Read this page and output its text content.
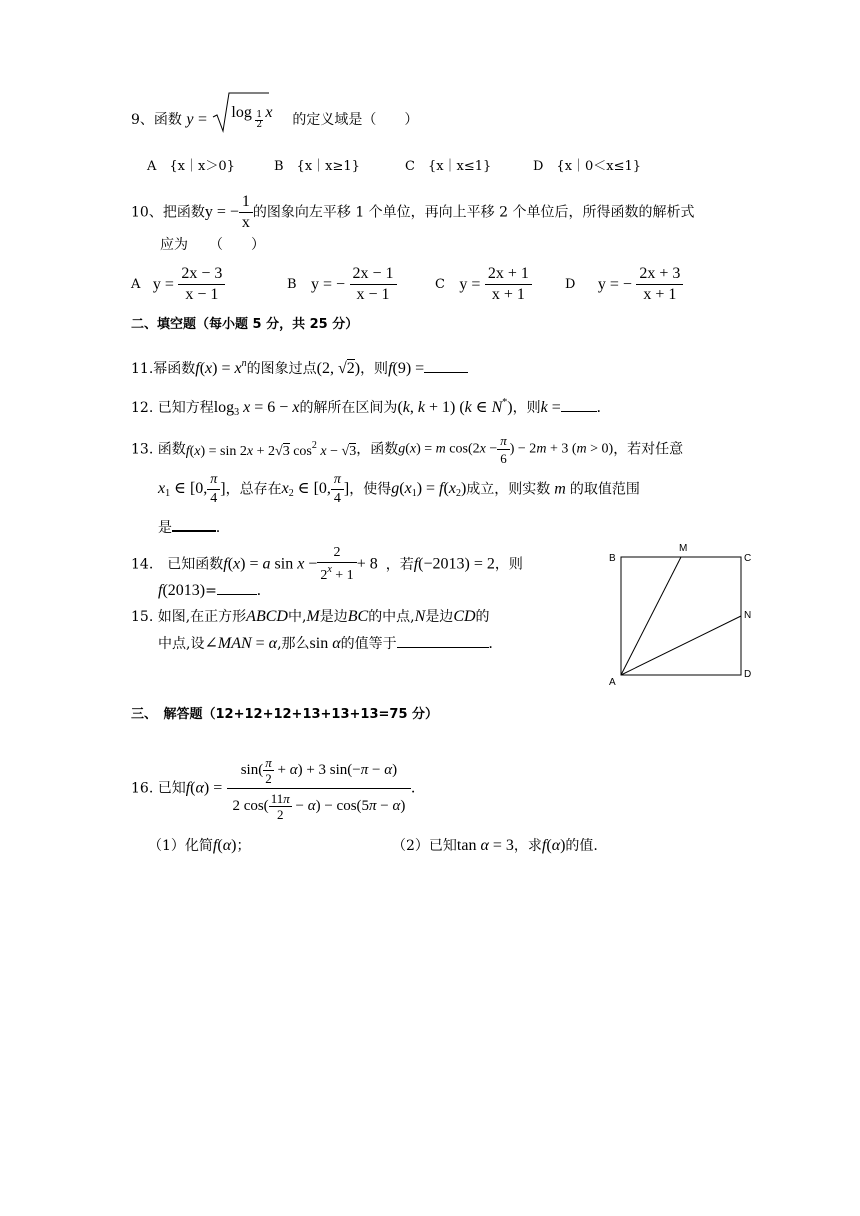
9、函数 y = log 1
2
x 的定义域是（　　）
A　{x｜x＞0}	B　{x｜x≥1}	C　{x｜x≤1}	D　{x｜0＜x≤1}
10、把函数y = − $\frac{1}{x}$ 的图象向左平移 1 个单位，再向上平移 2 个单位后，所得函数的解析式
应为　　（　　）
A $y = \frac{2x - 3}{x - 1}$	B y = − $\frac{2x - 1}{x - 1}$	C $y = \frac{2x + 1}{x + 1}$	D y = − $\frac{2x + 3}{x + 1}$
二、填空题（每小题 5 分，共 25 分）
11.幂函数$f(x) = x^n$的图象过点(2, √2)，则f(9) =
12. 已知方程$\log_3 x = 6 - x$的解所在区间为(k, k + 1) (k ∈ N*)，则k = .
13. 函数f(x) = sin 2x + 2√3 $\cos^2 x - √3$，函数g(x) = m $\cos(2x - \frac{\pi}{6}$ ) − 2m + 3 (m > 0)，若对任意
$x_1$ ∈ [0, $\frac{\pi}{4}$ ]，总存在$x_2$ ∈ [0, $\frac{\pi}{4}$ ]，使得$g(x_1) = f(x_2)$成立，则实数 m 的取值范围
是	.
14.　已知函数f(x) = a $\sin x - \frac{2}{2^x + 1} + 8$ ，若f(−2013) = 2，则
f(2013)=	.
15. 如图,在正方形ABCD中,M是边BC的中点,N是边CD的
中点,设∠MAN = α,那么sin α的值等于	.
B
M
C
N
A
D
三、　解答题（12+12+12+13+13+13=75 分）
16. 已知$f(\alpha) = \frac{\sin( \frac{\pi}{2} + \alpha) + 3 \sin(-\pi - \alpha)}{2 \cos( \frac{11\pi}{2} - \alpha) - \cos(5\pi - \alpha)}$ .
（1）化简f(α)；	（2）已知tan α = 3，求f(α)的值.
